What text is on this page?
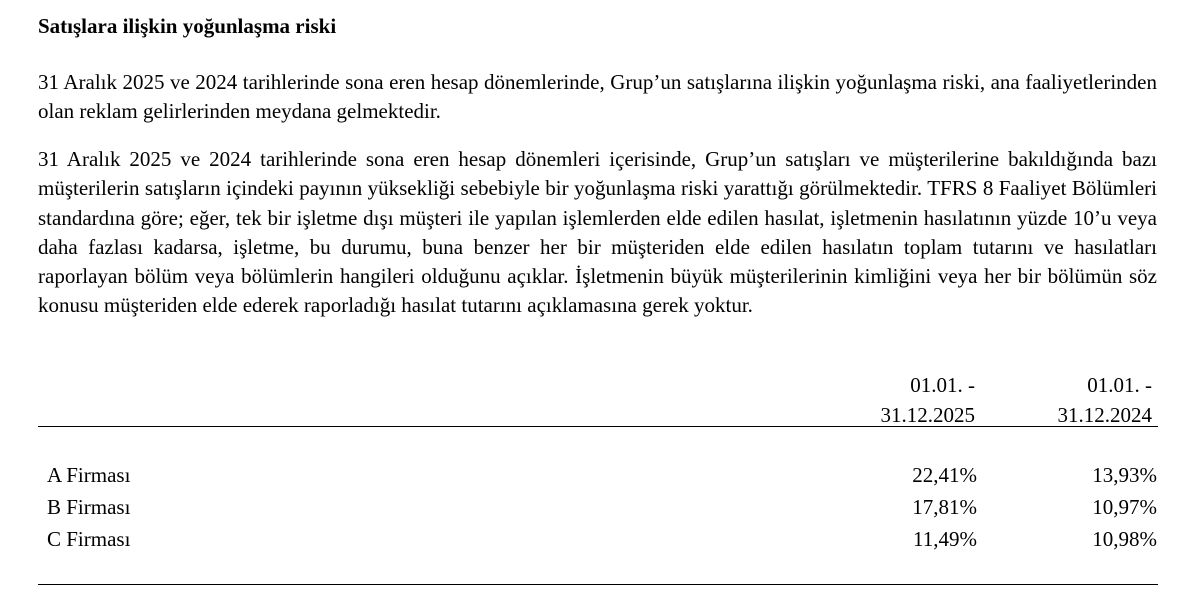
Satışlara ilişkin yoğunlaşma riski
31 Aralık 2025 ve 2024 tarihlerinde sona eren hesap dönemlerinde, Grup’un satışlarına ilişkin yoğunlaşma riski, ana faaliyetlerinden olan reklam gelirlerinden meydana gelmektedir.
31 Aralık 2025 ve 2024 tarihlerinde sona eren hesap dönemleri içerisinde, Grup’un satışları ve müşterilerine bakıldığında bazı müşterilerin satışların içindeki payının yüksekliği sebebiyle bir yoğunlaşma riski yarattığı görülmektedir. TFRS 8 Faaliyet Bölümleri standardına göre; eğer, tek bir işletme dışı müşteri ile yapılan işlemlerden elde edilen hasılat, işletmenin hasılatının yüzde 10’u veya daha fazlası kadarsa, işletme, bu durumu, buna benzer her bir müşteriden elde edilen hasılatın toplam tutarını ve hasılatları raporlayan bölüm veya bölümlerin hangileri olduğunu açıklar. İşletmenin büyük müşterilerinin kimliğini veya her bir bölümün söz konusu müşteriden elde ederek raporladığı hasılat tutarını açıklamasına gerek yoktur.
01.01. -
31.12.2025
01.01. -
31.12.2024
A Firması	22,41%	13,93%
B Firması	17,81%	10,97%
C Firması	11,49%	10,98%
